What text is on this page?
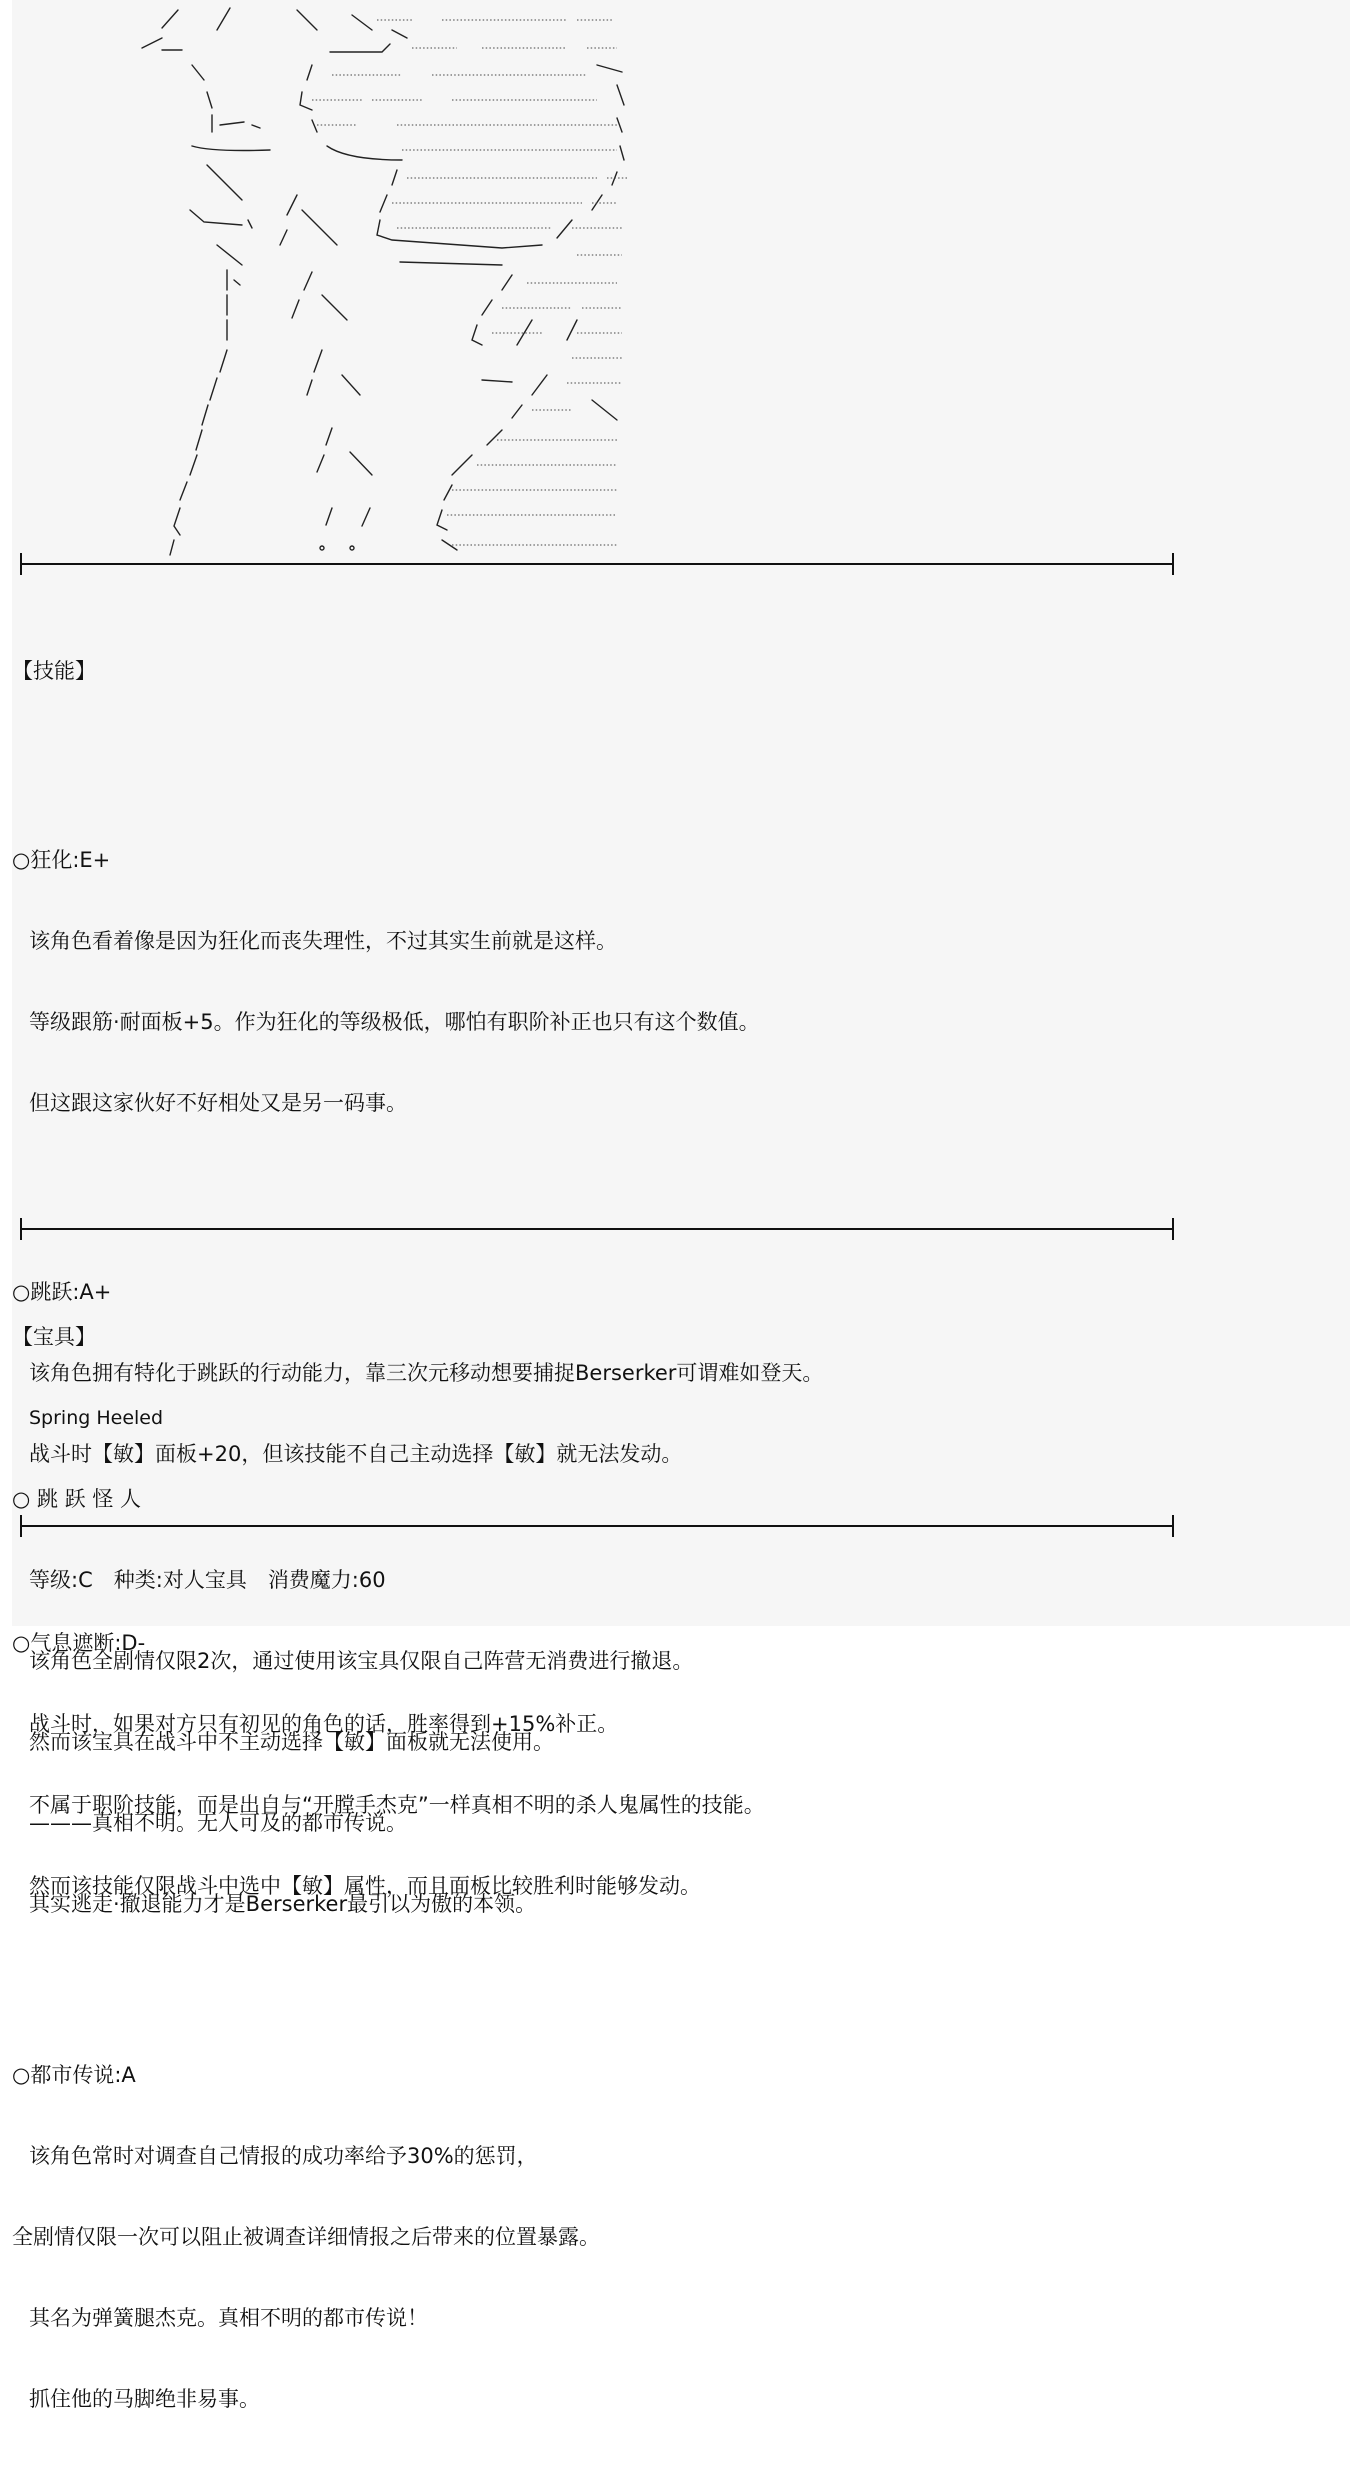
【技能】

○狂化:E+

该角色看着像是因为狂化而丧失理性，不过其实生前就是这样。

等级跟筋·耐面板+5。作为狂化的等级极低，哪怕有职阶补正也只有这个数值。

但这跟这家伙好不好相处又是另一码事。

○跳跃:A+

该角色拥有特化于跳跃的行动能力，靠三次元移动想要捕捉Berserker可谓难如登天。

战斗时【敏】面板+20，但该技能不自己主动选择【敏】就无法发动。

○气息遮断:D-

战斗时，如果对方只有初见的角色的话，胜率得到+15%补正。

不属于职阶技能，而是出自与“开膛手杰克”一样真相不明的杀人鬼属性的技能。

然而该技能仅限战斗中选中【敏】属性，而且面板比较胜利时能够发动。

○都市传说:A

该角色常时对调查自己情报的成功率给予30%的惩罚，

全剧情仅限一次可以阻止被调查详细情报之后带来的位置暴露。

其名为弹簧腿杰克。真相不明的都市传说！

抓住他的马脚绝非易事。

【宝具】

Spring Heeled

○ 跳 跃 怪 人

等级:C　种类:对人宝具　消费魔力:60

该角色全剧情仅限2次，通过使用该宝具仅限自己阵营无消费进行撤退。

然而该宝具在战斗中不主动选择【敏】面板就无法使用。

———真相不明。无人可及的都市传说。

其实逃走·撤退能力才是Berserker最引以为傲的本领。
